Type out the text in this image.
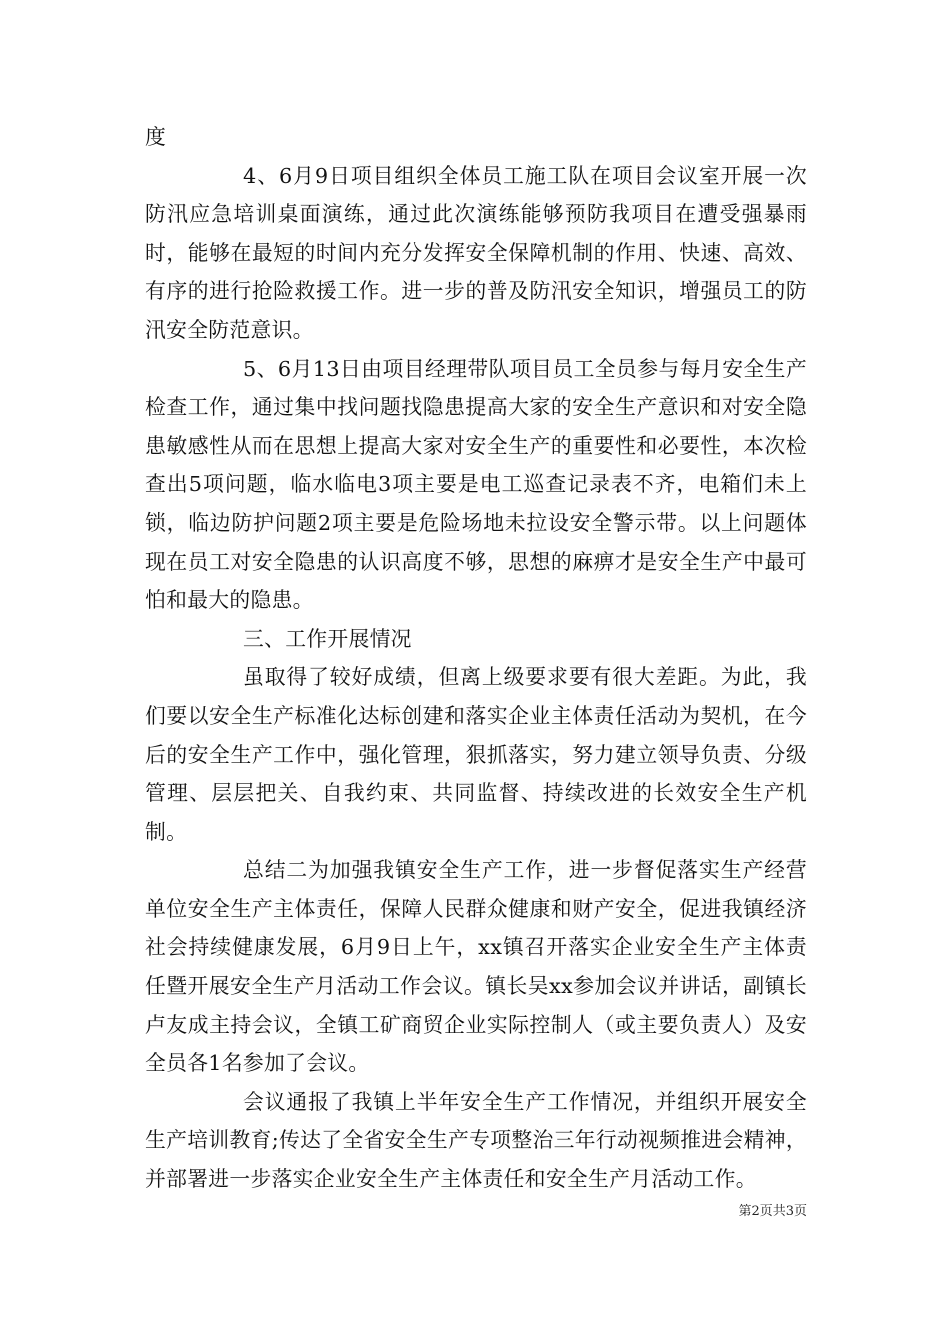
度

4、6月9日项目组织全体员工施工队在项目会议室开展一次防汛应急培训桌面演练，通过此次演练能够预防我项目在遭受强暴雨时，能够在最短的时间内充分发挥安全保障机制的作用、快速、高效、有序的进行抢险救援工作。进一步的普及防汛安全知识，增强员工的防汛安全防范意识。

5、6月13日由项目经理带队项目员工全员参与每月安全生产检查工作，通过集中找问题找隐患提高大家的安全生产意识和对安全隐患敏感性从而在思想上提高大家对安全生产的重要性和必要性，本次检查出5项问题，临水临电3项主要是电工巡查记录表不齐，电箱们未上锁，临边防护问题2项主要是危险场地未拉设安全警示带。以上问题体现在员工对安全隐患的认识高度不够，思想的麻痹才是安全生产中最可怕和最大的隐患。

三、工作开展情况

虽取得了较好成绩，但离上级要求要有很大差距。为此，我们要以安全生产标准化达标创建和落实企业主体责任活动为契机，在今后的安全生产工作中，强化管理，狠抓落实，努力建立领导负责、分级管理、层层把关、自我约束、共同监督、持续改进的长效安全生产机制。

总结二为加强我镇安全生产工作，进一步督促落实生产经营单位安全生产主体责任，保障人民群众健康和财产安全，促进我镇经济社会持续健康发展，6月9日上午，xx镇召开落实企业安全生产主体责任暨开展安全生产月活动工作会议。镇长吴xx参加会议并讲话，副镇长卢友成主持会议，全镇工矿商贸企业实际控制人（或主要负责人）及安全员各1名参加了会议。

会议通报了我镇上半年安全生产工作情况，并组织开展安全生产培训教育;传达了全省安全生产专项整治三年行动视频推进会精神，并部署进一步落实企业安全生产主体责任和安全生产月活动工作。

第2页共3页
